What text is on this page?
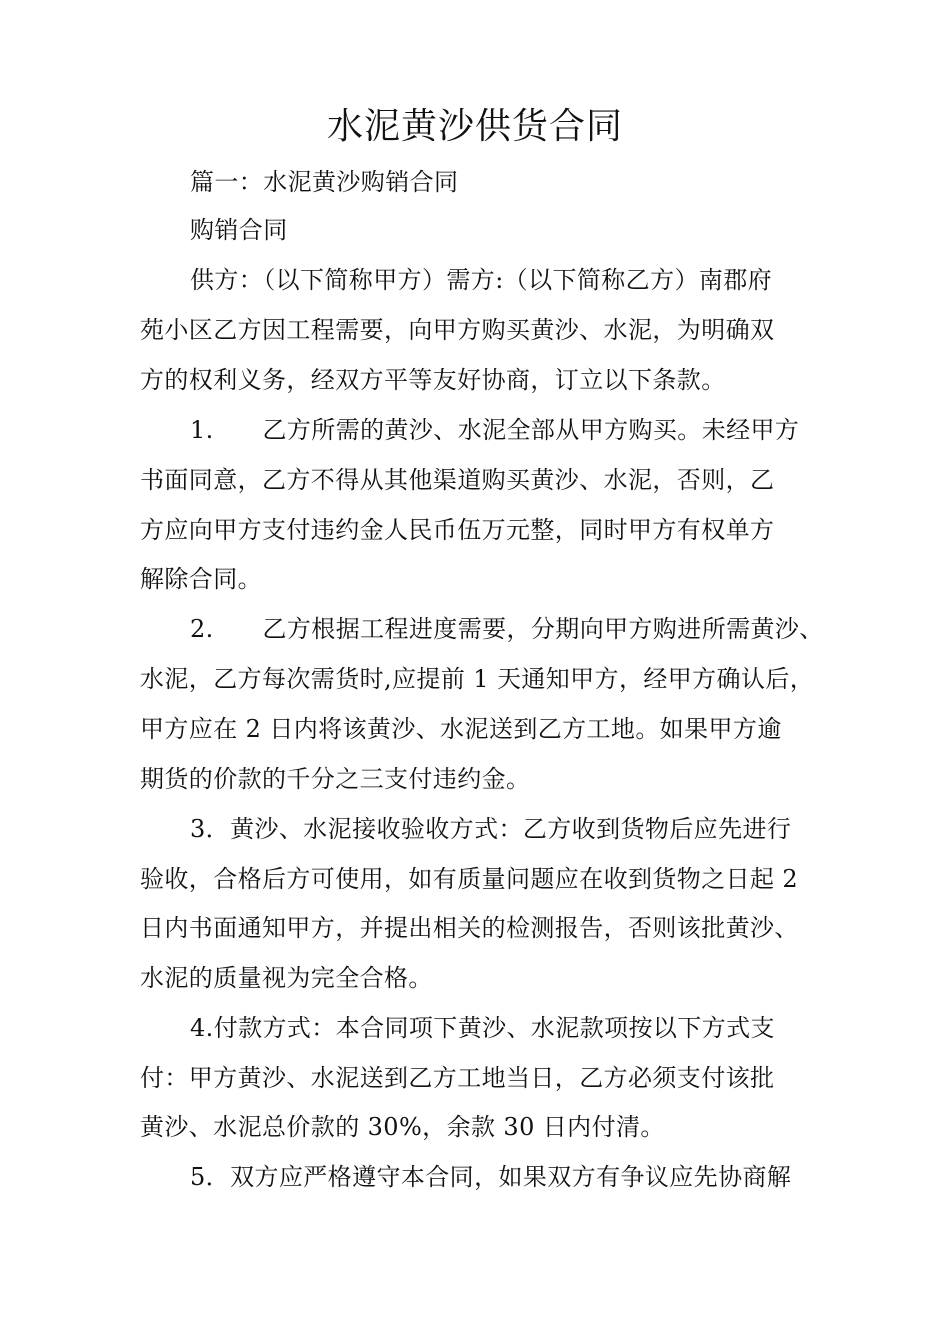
水泥黄沙供货合同
篇一：水泥黄沙购销合同
购销合同
供方：（以下简称甲方）需方:（以下简称乙方）南郡府
苑小区乙方因工程需要，向甲方购买黄沙、水泥，为明确双
方的权利义务，经双方平等友好协商，订立以下条款。
1.　　乙方所需的黄沙、水泥全部从甲方购买。未经甲方
书面同意，乙方不得从其他渠道购买黄沙、水泥，否则，乙
方应向甲方支付违约金人民币伍万元整，同时甲方有权单方
解除合同。
2.　　乙方根据工程进度需要，分期向甲方购进所需黄沙、
水泥，乙方每次需货时,应提前 1 天通知甲方，经甲方确认后，
甲方应在 2 日内将该黄沙、水泥送到乙方工地。如果甲方逾
期货的价款的千分之三支付违约金。
3．黄沙、水泥接收验收方式：乙方收到货物后应先进行
验收，合格后方可使用，如有质量问题应在收到货物之日起 2
日内书面通知甲方，并提出相关的检测报告，否则该批黄沙、
水泥的质量视为完全合格。
4.付款方式：本合同项下黄沙、水泥款项按以下方式支
付：甲方黄沙、水泥送到乙方工地当日，乙方必须支付该批
黄沙、水泥总价款的 30%，余款 30 日内付清。
5．双方应严格遵守本合同，如果双方有争议应先协商解
